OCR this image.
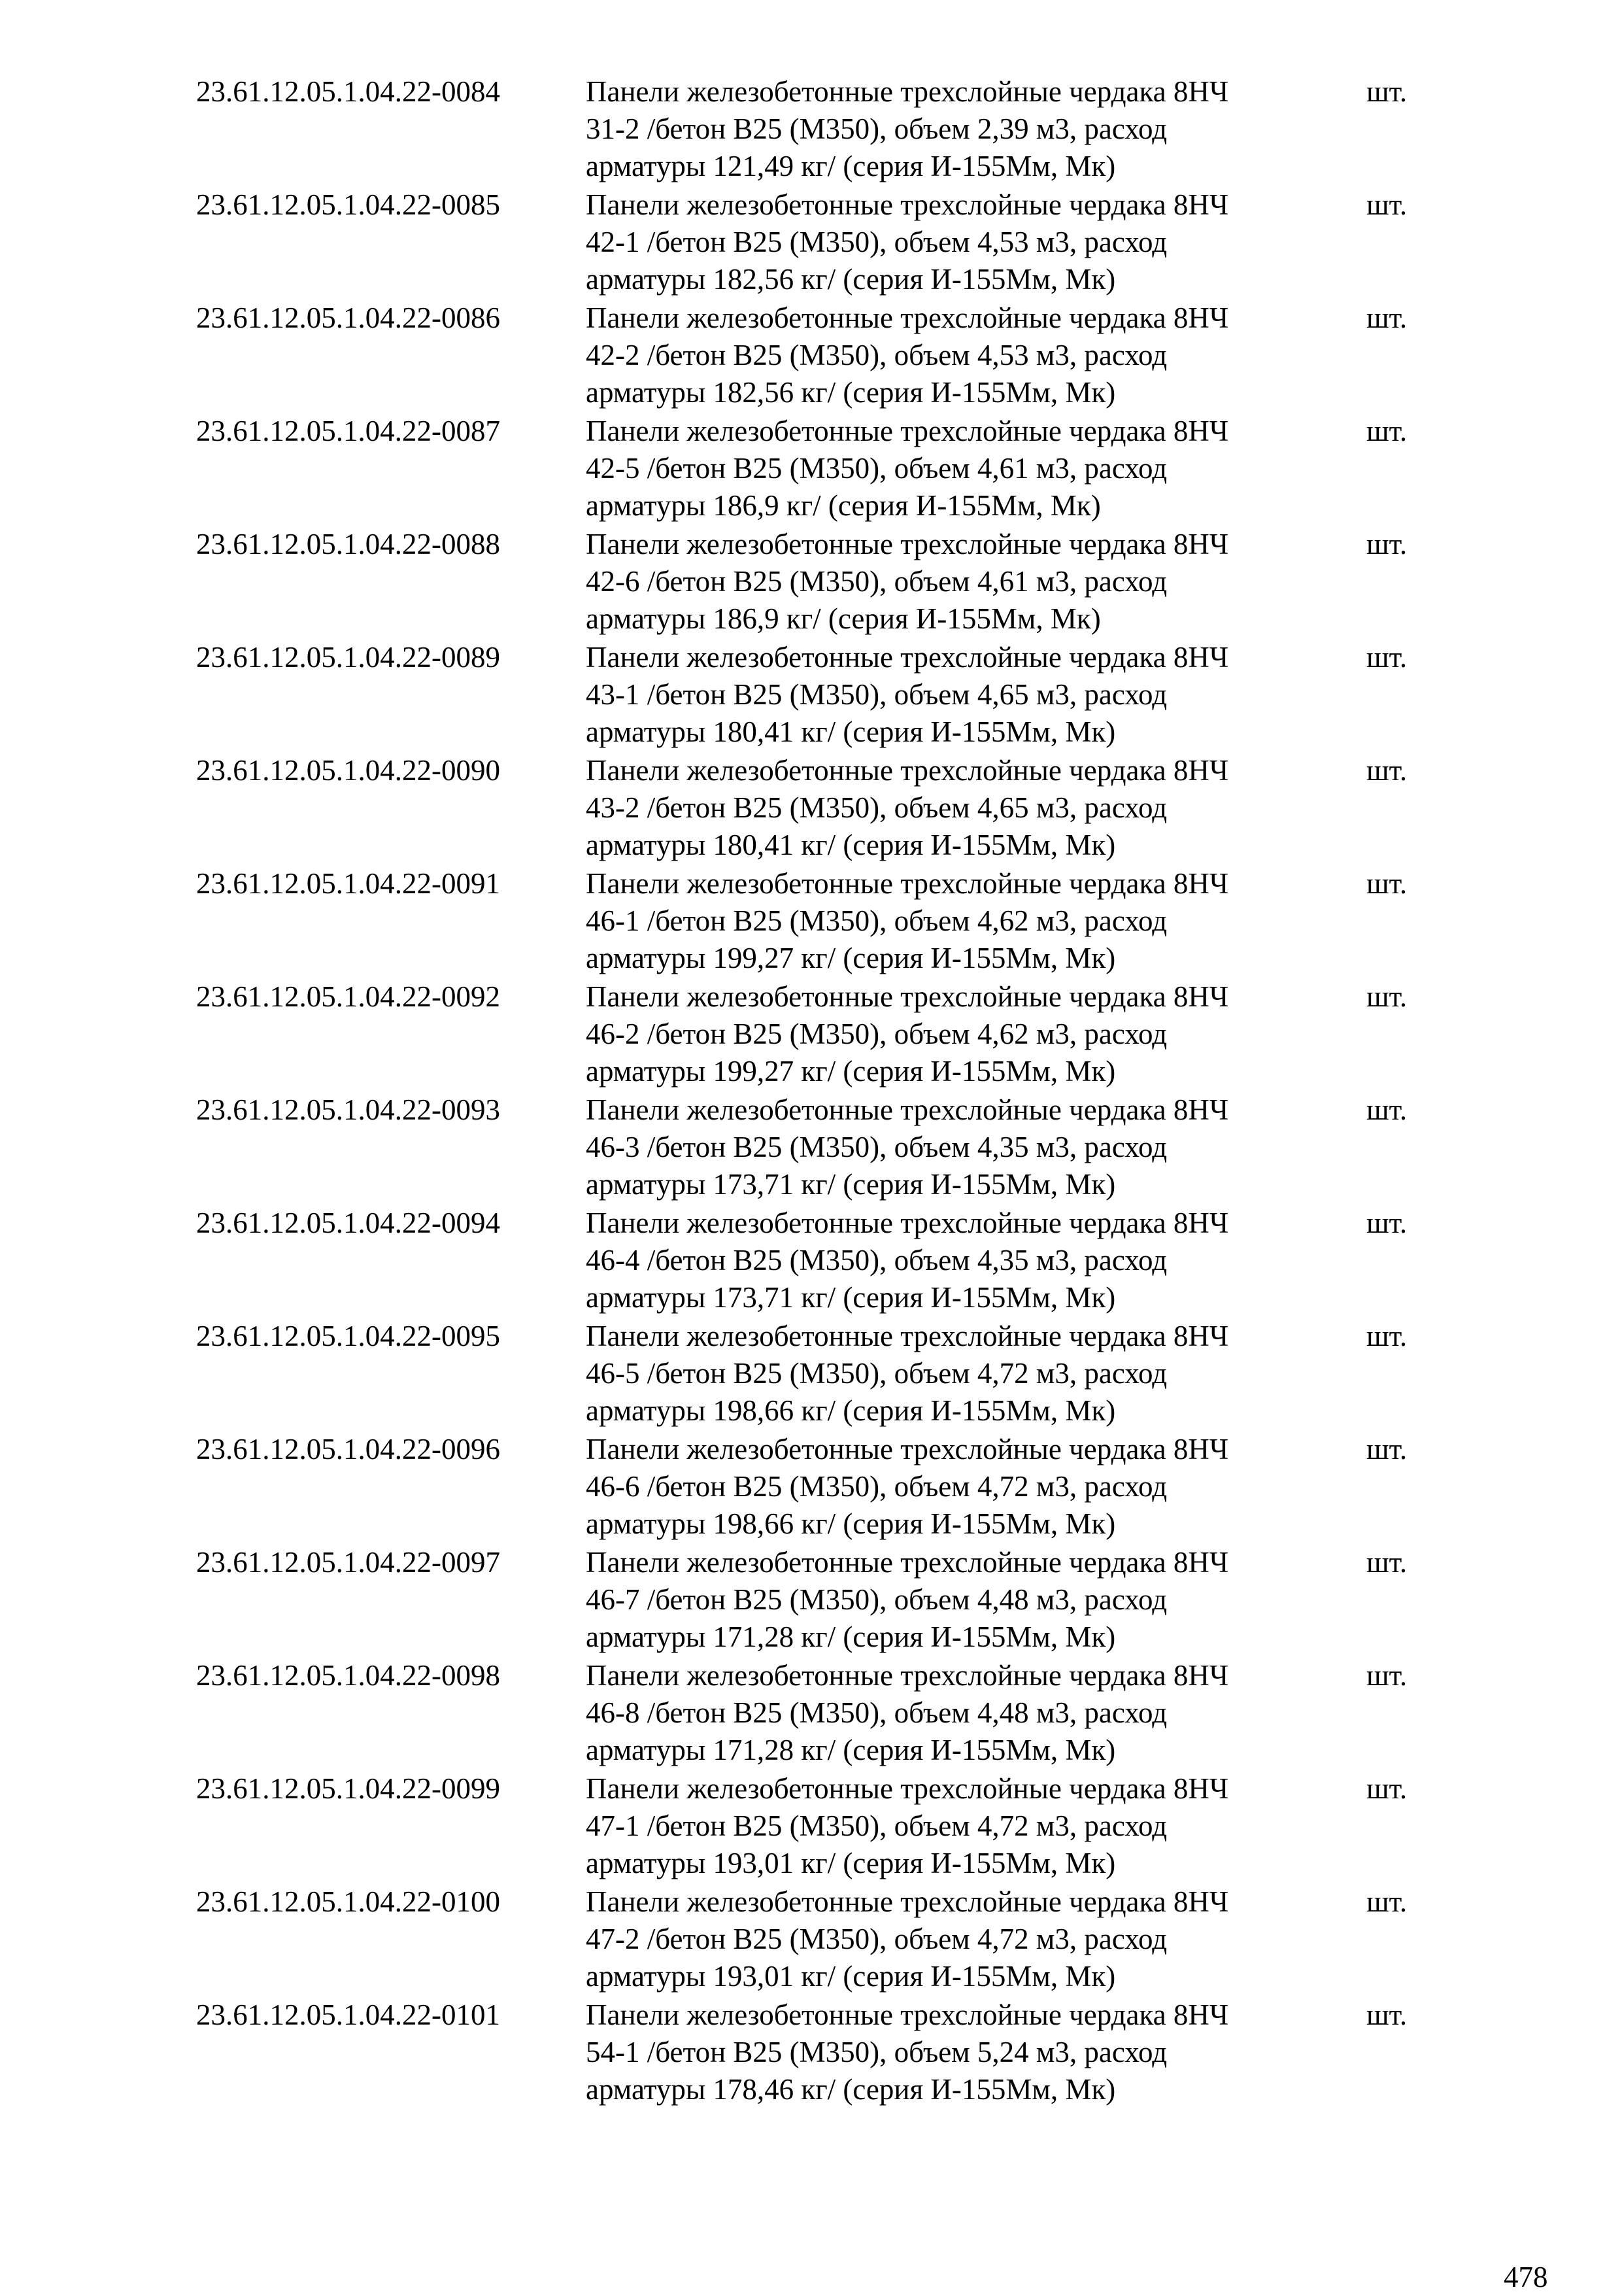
23.61.12.05.1.04.22-0084	Панели железобетонные трехслойные чердака 8НЧ
31-2 /бетон В25 (М350), объем 2,39 м3, расход
арматуры 121,49 кг/ (серия И-155Мм, Мк)
шт.
23.61.12.05.1.04.22-0085	Панели железобетонные трехслойные чердака 8НЧ
42-1 /бетон В25 (М350), объем 4,53 м3, расход
арматуры 182,56 кг/ (серия И-155Мм, Мк)
шт.
23.61.12.05.1.04.22-0086	Панели железобетонные трехслойные чердака 8НЧ
42-2 /бетон В25 (М350), объем 4,53 м3, расход
арматуры 182,56 кг/ (серия И-155Мм, Мк)
шт.
23.61.12.05.1.04.22-0087	Панели железобетонные трехслойные чердака 8НЧ
42-5 /бетон В25 (М350), объем 4,61 м3, расход
арматуры 186,9 кг/ (серия И-155Мм, Мк)
шт.
23.61.12.05.1.04.22-0088	Панели железобетонные трехслойные чердака 8НЧ
42-6 /бетон В25 (М350), объем 4,61 м3, расход
арматуры 186,9 кг/ (серия И-155Мм, Мк)
шт.
23.61.12.05.1.04.22-0089	Панели железобетонные трехслойные чердака 8НЧ
43-1 /бетон В25 (М350), объем 4,65 м3, расход
арматуры 180,41 кг/ (серия И-155Мм, Мк)
шт.
23.61.12.05.1.04.22-0090	Панели железобетонные трехслойные чердака 8НЧ
43-2 /бетон В25 (М350), объем 4,65 м3, расход
арматуры 180,41 кг/ (серия И-155Мм, Мк)
шт.
23.61.12.05.1.04.22-0091	Панели железобетонные трехслойные чердака 8НЧ
46-1 /бетон В25 (М350), объем 4,62 м3, расход
арматуры 199,27 кг/ (серия И-155Мм, Мк)
шт.
23.61.12.05.1.04.22-0092	Панели железобетонные трехслойные чердака 8НЧ
46-2 /бетон В25 (М350), объем 4,62 м3, расход
арматуры 199,27 кг/ (серия И-155Мм, Мк)
шт.
23.61.12.05.1.04.22-0093	Панели железобетонные трехслойные чердака 8НЧ
46-3 /бетон В25 (М350), объем 4,35 м3, расход
арматуры 173,71 кг/ (серия И-155Мм, Мк)
шт.
23.61.12.05.1.04.22-0094	Панели железобетонные трехслойные чердака 8НЧ
46-4 /бетон В25 (М350), объем 4,35 м3, расход
арматуры 173,71 кг/ (серия И-155Мм, Мк)
шт.
23.61.12.05.1.04.22-0095	Панели железобетонные трехслойные чердака 8НЧ
46-5 /бетон В25 (М350), объем 4,72 м3, расход
арматуры 198,66 кг/ (серия И-155Мм, Мк)
шт.
23.61.12.05.1.04.22-0096	Панели железобетонные трехслойные чердака 8НЧ
46-6 /бетон В25 (М350), объем 4,72 м3, расход
арматуры 198,66 кг/ (серия И-155Мм, Мк)
шт.
23.61.12.05.1.04.22-0097	Панели железобетонные трехслойные чердака 8НЧ
46-7 /бетон В25 (М350), объем 4,48 м3, расход
арматуры 171,28 кг/ (серия И-155Мм, Мк)
шт.
23.61.12.05.1.04.22-0098	Панели железобетонные трехслойные чердака 8НЧ
46-8 /бетон В25 (М350), объем 4,48 м3, расход
арматуры 171,28 кг/ (серия И-155Мм, Мк)
шт.
23.61.12.05.1.04.22-0099	Панели железобетонные трехслойные чердака 8НЧ
47-1 /бетон В25 (М350), объем 4,72 м3, расход
арматуры 193,01 кг/ (серия И-155Мм, Мк)
шт.
23.61.12.05.1.04.22-0100	Панели железобетонные трехслойные чердака 8НЧ
47-2 /бетон В25 (М350), объем 4,72 м3, расход
арматуры 193,01 кг/ (серия И-155Мм, Мк)
шт.
23.61.12.05.1.04.22-0101	Панели железобетонные трехслойные чердака 8НЧ
54-1 /бетон В25 (М350), объем 5,24 м3, расход
арматуры 178,46 кг/ (серия И-155Мм, Мк)
шт.
478
